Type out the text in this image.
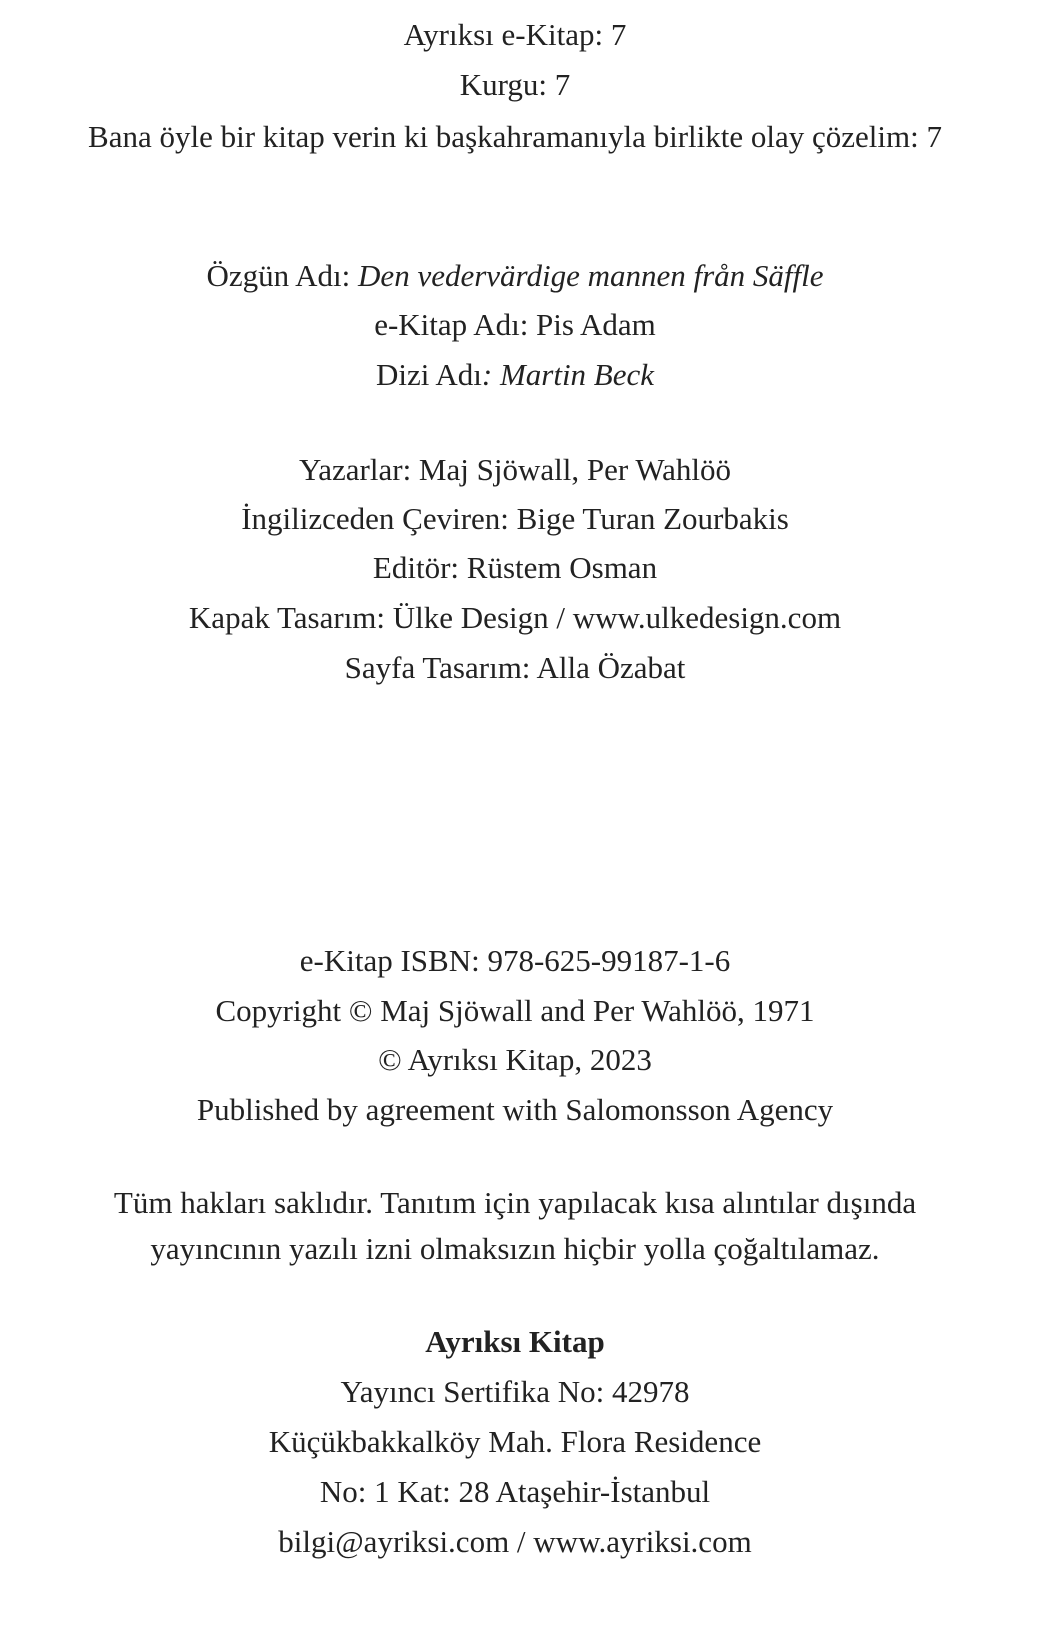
Ayrıksı e-Kitap: 7
Kurgu: 7
Bana öyle bir kitap verin ki başkahramanıyla birlikte olay çözelim: 7
Özgün Adı: Den vedervärdige mannen från Säffle
e-Kitap Adı: Pis Adam
Dizi Adı: Martin Beck
Yazarlar: Maj Sjöwall, Per Wahlöö
İngilizceden Çeviren: Bige Turan Zourbakis
Editör: Rüstem Osman
Kapak Tasarım: Ülke Design / www.ulkedesign.com
Sayfa Tasarım: Alla Özabat
e-Kitap ISBN: 978-625-99187-1-6
Copyright © Maj Sjöwall and Per Wahlöö, 1971
© Ayrıksı Kitap, 2023
Published by agreement with Salomonsson Agency
Tüm hakları saklıdır. Tanıtım için yapılacak kısa alıntılar dışında
yayıncının yazılı izni olmaksızın hiçbir yolla çoğaltılamaz.
Ayrıksı Kitap
Yayıncı Sertifika No: 42978
Küçükbakkalköy Mah. Flora Residence
No: 1 Kat: 28 Ataşehir-İstanbul
bilgi@ayriksi.com / www.ayriksi.com
